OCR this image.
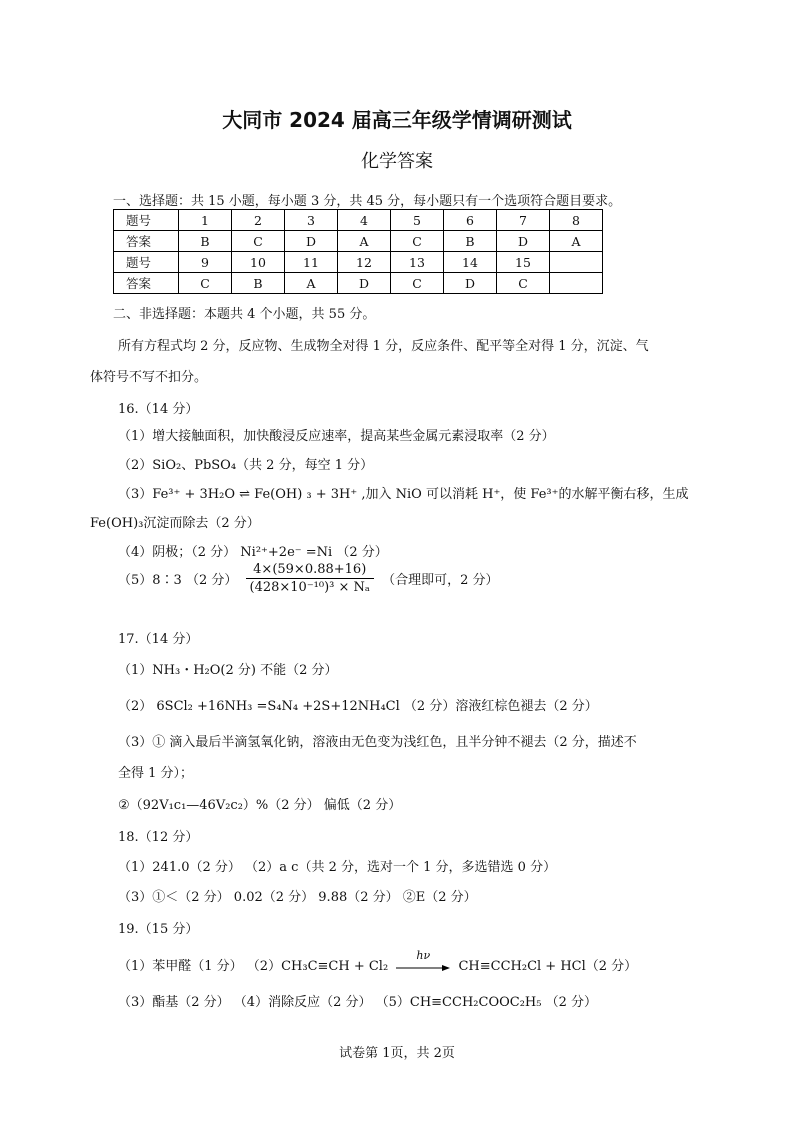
大同市 2024 届高三年级学情调研测试
化学答案
一、选择题：共 15 小题，每小题 3 分，共 45 分，每小题只有一个选项符合题目要求。
题号	1	2	3	4	5	6	7	8
答案	B	C	D	A	C	B	D	A
题号	9	10	11	12	13	14	15	
答案	C	B	A	D	C	D	C	
二、非选择题：本题共 4 个小题，共 55 分。
所有方程式均 2 分，反应物、生成物全对得 1 分，反应条件、配平等全对得 1 分，沉淀、气
体符号不写不扣分。
16.（14 分）
（1）增大接触面积，加快酸浸反应速率，提高某些金属元素浸取率（2 分）
（2）SiO₂、PbSO₄（共 2 分，每空 1 分）
（3）Fe³⁺ + 3H₂O ⇌ Fe(OH) ₃ + 3H⁺ ,加入 NiO 可以消耗 H⁺，使 Fe³⁺的水解平衡右移，生成
Fe(OH)₃沉淀而除去（2 分）
（4）阴极；（2 分） Ni²⁺+2e⁻ =Ni （2 分）
（5）8∶3 （2 分） $\frac{4\times(59\times 0.88+16)}{\text{(428×10⁻¹⁰)³ × Nₐ}}$ （合理即可，2 分）
17.（14 分）
（1）NH₃・H₂O(2 分) 不能（2 分）
（2） 6SCl₂ +16NH₃ =S₄N₄ +2S+12NH₄Cl （2 分）溶液红棕色褪去（2 分）
（3）① 滴入最后半滴氢氧化钠，溶液由无色变为浅红色，且半分钟不褪去（2 分，描述不
全得 1 分）；
②（92V₁c₁—46V₂c₂）%（2 分） 偏低（2 分）
18.（12 分）
（1）241.0（2 分） （2）a c（共 2 分，选对一个 1 分，多选错选 0 分）
（3）①＜（2 分） 0.02（2 分） 9.88（2 分） ②E（2 分）
19.（15 分）
（1）苯甲醛（1 分） （2）CH₃C≡CH + Cl₂
hν
CH≡CCH₂Cl + HCl（2 分）
（3）酯基（2 分） （4）消除反应（2 分） （5）CH≡CCH₂COOC₂H₅ （2 分）
试卷第 1页，共 2页
